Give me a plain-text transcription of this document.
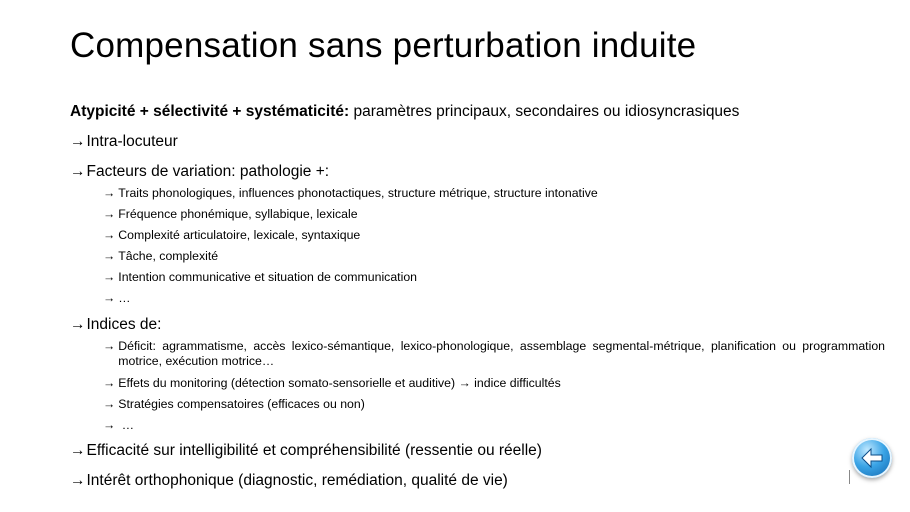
Compensation sans perturbation induite
Atypicité + sélectivité + systématicité: paramètres principaux, secondaires ou idiosyncrasiques
→Intra-locuteur
→Facteurs de variation: pathologie +:
→ Traits phonologiques, influences phonotactiques, structure métrique, structure intonative
→ Fréquence phonémique, syllabique, lexicale
→ Complexité articulatoire, lexicale, syntaxique
→ Tâche, complexité
→ Intention communicative et situation de communication
→ …
→Indices de:
→ Déficit: agrammatisme, accès lexico-sémantique, lexico-phonologique, assemblage segmental-métrique, planification ou programmation motrice, exécution motrice…
→ Effets du monitoring (détection somato-sensorielle et auditive) → indice difficultés
→ Stratégies compensatoires (efficaces ou non)
→ …
→Efficacité sur intelligibilité et compréhensibilité (ressentie ou réelle)
→Intérêt orthophonique (diagnostic, remédiation, qualité de vie)
